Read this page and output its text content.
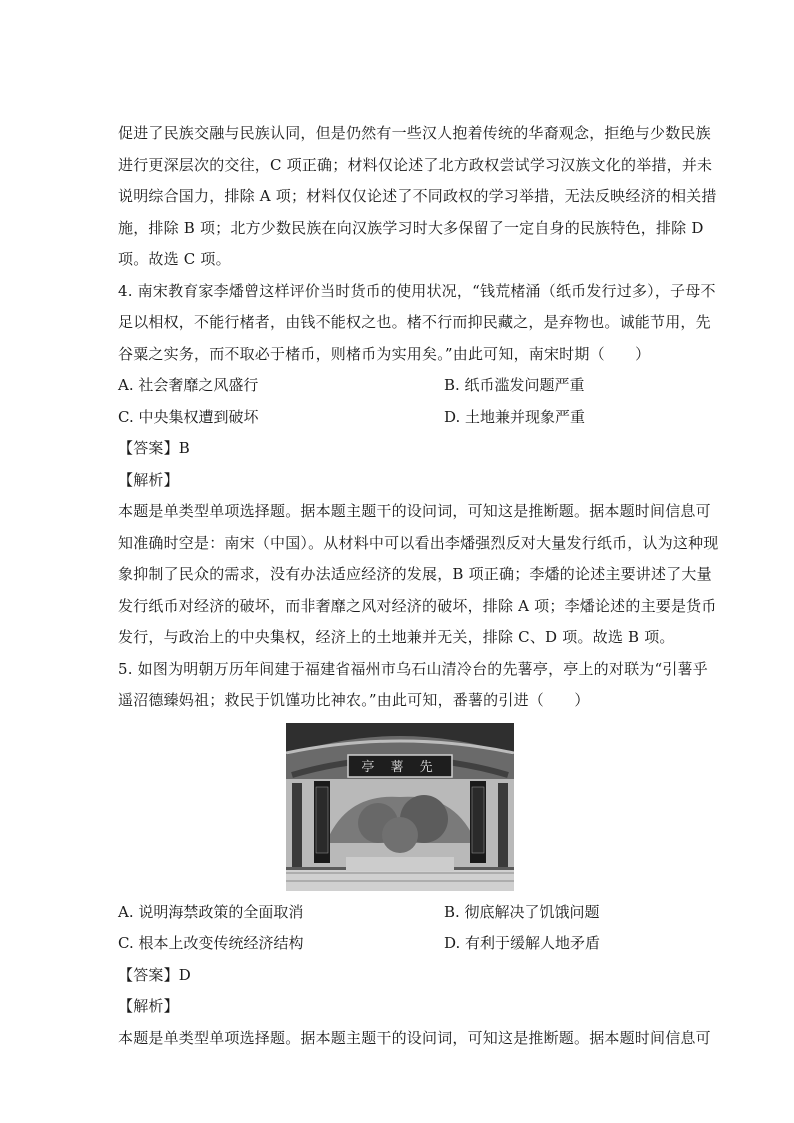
促进了民族交融与民族认同，但是仍然有一些汉人抱着传统的华裔观念，拒绝与少数民族
进行更深层次的交往，C 项正确；材料仅论述了北方政权尝试学习汉族文化的举措，并未
说明综合国力，排除 A 项；材料仅仅论述了不同政权的学习举措，无法反映经济的相关措
施，排除 B 项；北方少数民族在向汉族学习时大多保留了一定自身的民族特色，排除 D
项。故选 C 项。
4. 南宋教育家李燔曾这样评价当时货币的使用状况，“钱荒楮涌（纸币发行过多），子母不
足以相权，不能行楮者，由钱不能权之也。楮不行而抑民藏之，是弃物也。诚能节用，先
谷粟之实务，而不取必于楮币，则楮币为实用矣。”由此可知，南宋时期（　　）
A. 社会奢靡之风盛行	B. 纸币滥发问题严重
C. 中央集权遭到破坏	D. 土地兼并现象严重
【答案】B
【解析】
本题是单类型单项选择题。据本题主题干的设问词，可知这是推断题。据本题时间信息可
知准确时空是：南宋（中国）。从材料中可以看出李燔强烈反对大量发行纸币，认为这种现
象抑制了民众的需求，没有办法适应经济的发展，B 项正确；李燔的论述主要讲述了大量
发行纸币对经济的破坏，而非奢靡之风对经济的破坏，排除 A 项；李燔论述的主要是货币
发行，与政治上的中央集权，经济上的土地兼并无关，排除 C、D 项。故选 B 项。
5. 如图为明朝万历年间建于福建省福州市乌石山清冷台的先薯亭，亭上的对联为“引薯乎
遥沼德臻妈祖；救民于饥馑功比神农。”由此可知，番薯的引进（　　）
亭 薯 先
A. 说明海禁政策的全面取消	B. 彻底解决了饥饿问题
C. 根本上改变传统经济结构	D. 有利于缓解人地矛盾
【答案】D
【解析】
本题是单类型单项选择题。据本题主题干的设问词，可知这是推断题。据本题时间信息可
